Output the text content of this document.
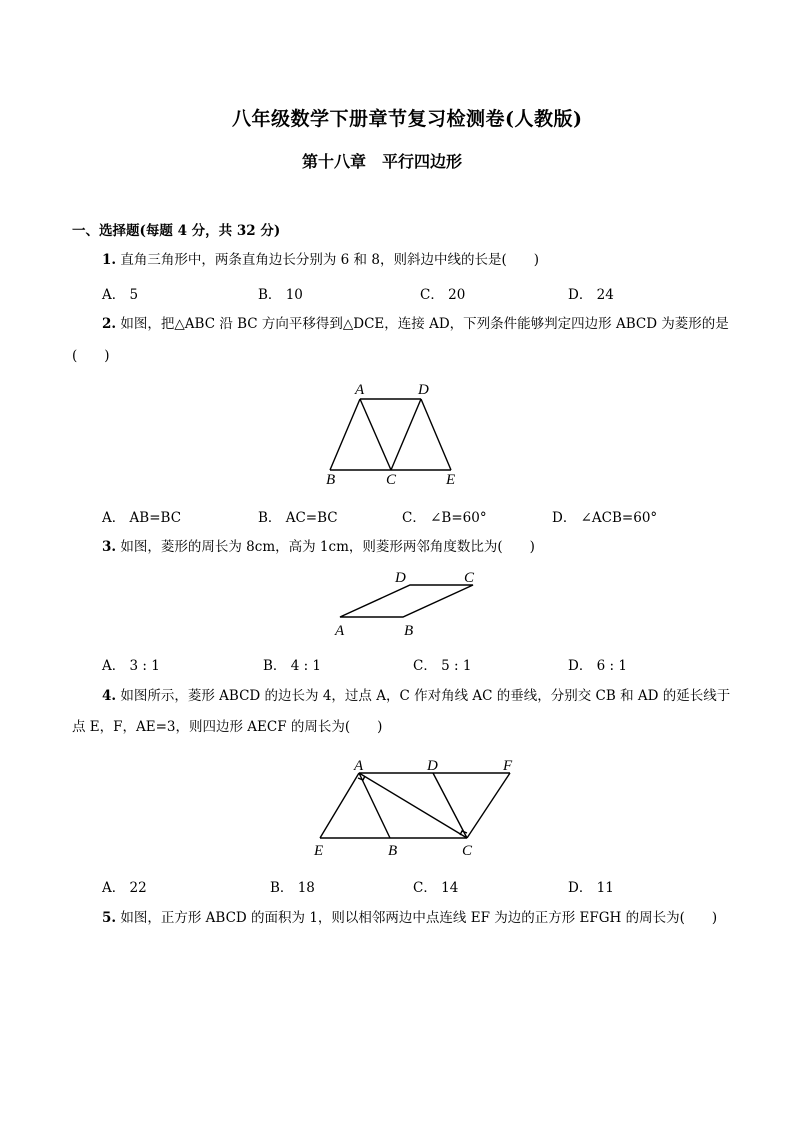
八年级数学下册章节复习检测卷(人教版)
第十八章　平行四边形
一、选择题(每题 4 分，共 32 分)
1. 直角三角形中，两条直角边长分别为 6 和 8，则斜边中线的长是(　　)
A． 5	B． 10	C． 20	D． 24
2. 如图，把△ABC 沿 BC 方向平移得到△DCE，连接 AD，下列条件能够判定四边形 ABCD 为菱形的是
(　　)
A	D
B	C	E
A． AB=BC	B． AC=BC	C． ∠B=60°	D． ∠ACB=60°
3. 如图，菱形的周长为 8cm，高为 1cm，则菱形两邻角度数比为(　　)
D	C
A	B
A． 3 : 1	B． 4 : 1	C． 5 : 1	D． 6 : 1
4. 如图所示，菱形 ABCD 的边长为 4，过点 A，C 作对角线 AC 的垂线，分别交 CB 和 AD 的延长线于
点 E，F，AE=3，则四边形 AECF 的周长为(　　)
A	D	F
E	B	C
A． 22	B． 18	C． 14	D． 11
5. 如图，正方形 ABCD 的面积为 1，则以相邻两边中点连线 EF 为边的正方形 EFGH 的周长为(　　)
